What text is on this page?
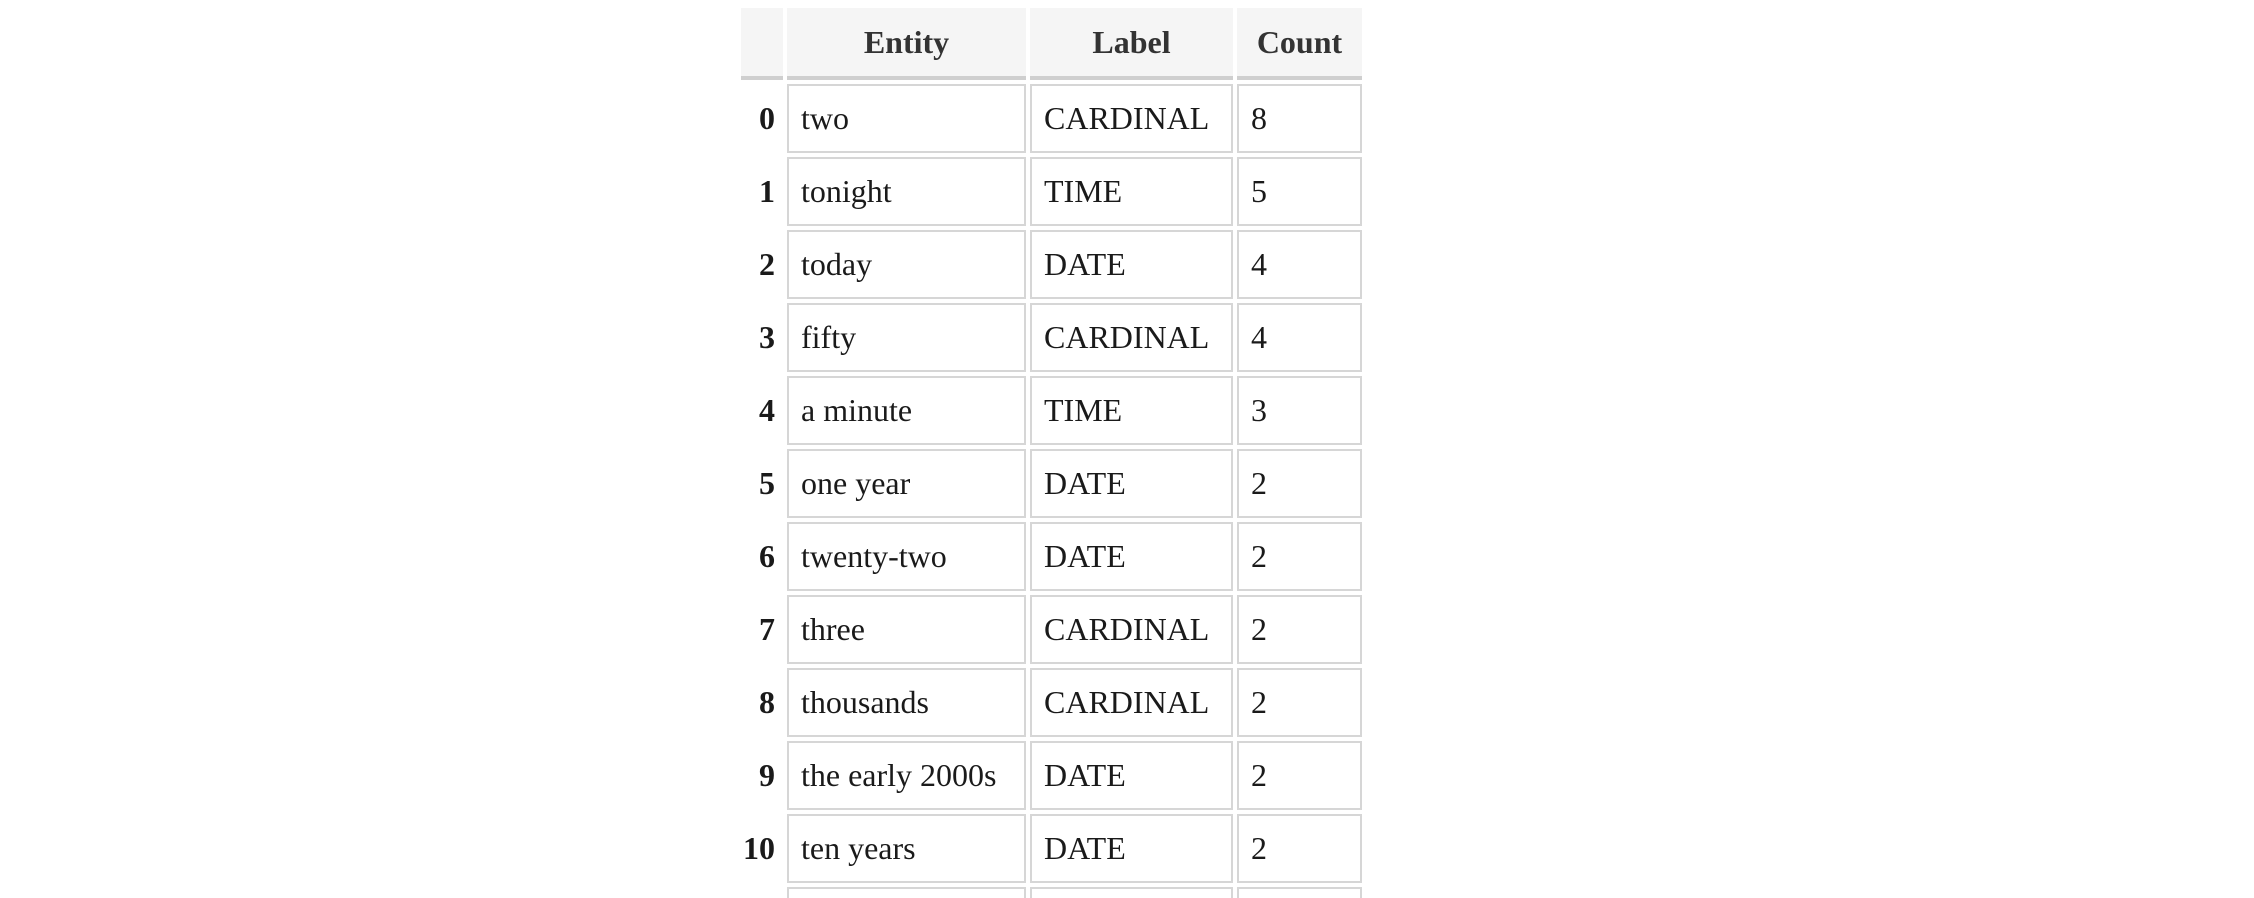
	Entity	Label	Count
0	two	CARDINAL	8
1	tonight	TIME	5
2	today	DATE	4
3	fifty	CARDINAL	4
4	a minute	TIME	3
5	one year	DATE	2
6	twenty-two	DATE	2
7	three	CARDINAL	2
8	thousands	CARDINAL	2
9	the early 2000s	DATE	2
10	ten years	DATE	2
